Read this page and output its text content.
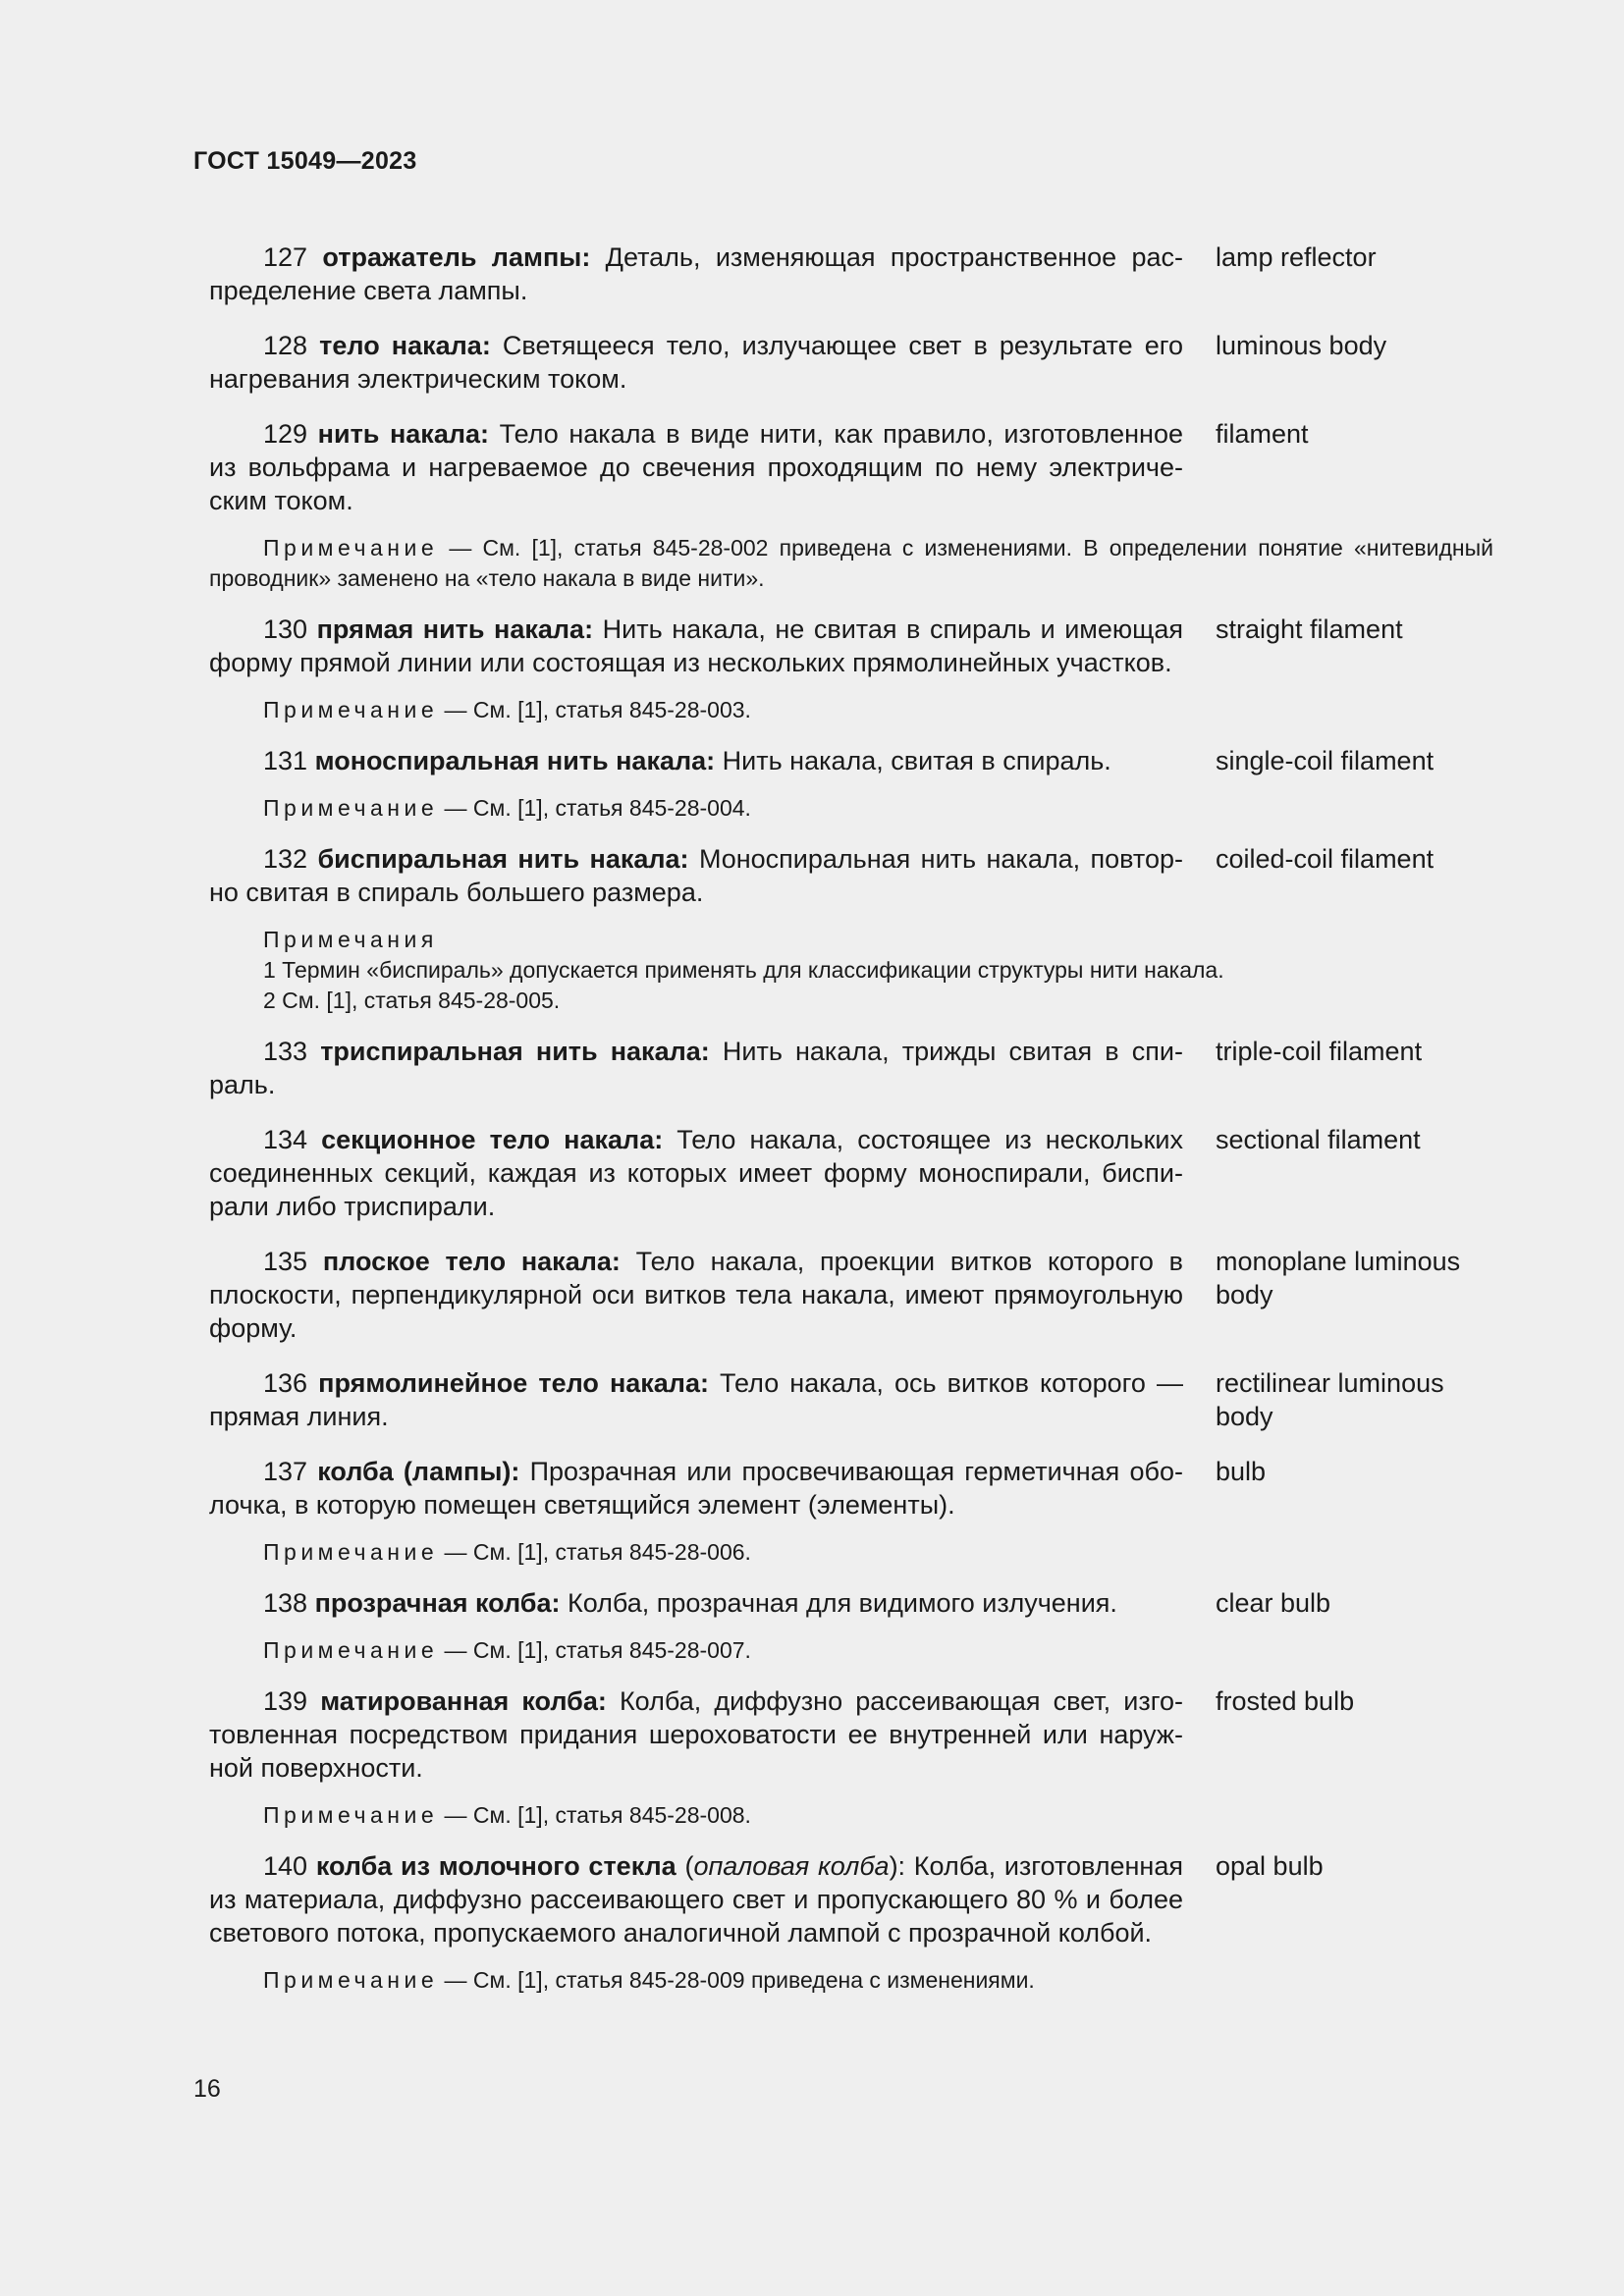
ГОСТ 15049—2023
127 отражатель лампы: Деталь, изменяющая пространственное распределение света лампы.
lamp reflector
128 тело накала: Светящееся тело, излучающее свет в результате его нагревания электрическим током.
luminous body
129 нить накала: Тело накала в виде нити, как правило, изготовленное из вольфрама и нагреваемое до свечения проходящим по нему электрическим током.
filament
Примечание — См. [1], статья 845-28-002 приведена с изменениями. В определении понятие «нитевидный проводник» заменено на «тело накала в виде нити».
130 прямая нить накала: Нить накала, не свитая в спираль и имеющая форму прямой линии или состоящая из нескольких прямолинейных участков.
straight filament
Примечание — См. [1], статья 845-28-003.
131 моноспиральная нить накала: Нить накала, свитая в спираль.	single-coil filament
Примечание — См. [1], статья 845-28-004.
132 биспиральная нить накала: Моноспиральная нить накала, повторно свитая в спираль большего размера.
coiled-coil filament
Примечания
1 Термин «биспираль» допускается применять для классификации структуры нити накала.
2 См. [1], статья 845-28-005.
133 триспиральная нить накала: Нить накала, трижды свитая в спираль.
triple-coil filament
134 секционное тело накала: Тело накала, состоящее из нескольких соединенных секций, каждая из которых имеет форму моноспирали, биспирали либо триспирали.
sectional filament
135 плоское тело накала: Тело накала, проекции витков которого в плоскости, перпендикулярной оси витков тела накала, имеют прямоугольную форму.
monoplane luminous body
136 прямолинейное тело накала: Тело накала, ось витков которого — прямая линия.
rectilinear luminous body
137 колба (лампы): Прозрачная или просвечивающая герметичная оболочка, в которую помещен светящийся элемент (элементы).
bulb
Примечание — См. [1], статья 845-28-006.
138 прозрачная колба: Колба, прозрачная для видимого излучения.	clear bulb
Примечание — См. [1], статья 845-28-007.
139 матированная колба: Колба, диффузно рассеивающая свет, изготовленная посредством придания шероховатости ее внутренней или наружной поверхности.
frosted bulb
Примечание — См. [1], статья 845-28-008.
140 колба из молочного стекла (опаловая колба): Колба, изготовленная из материала, диффузно рассеивающего свет и пропускающего 80 % и более светового потока, пропускаемого аналогичной лампой с прозрачной колбой.
opal bulb
Примечание — См. [1], статья 845-28-009 приведена с изменениями.
16
